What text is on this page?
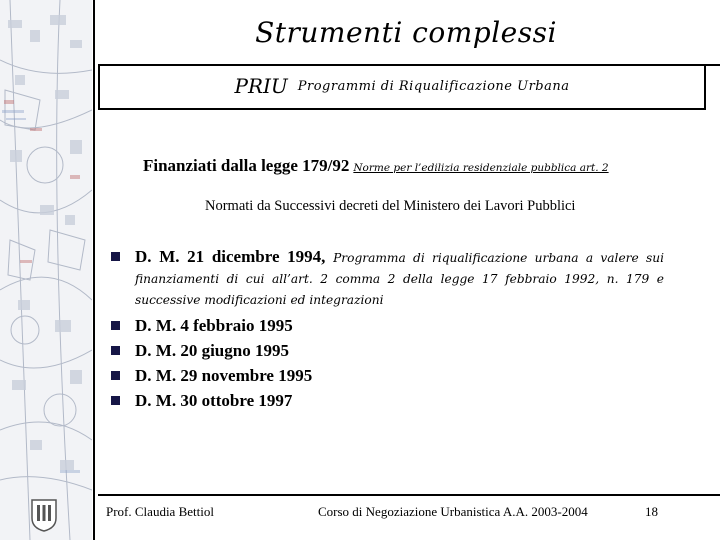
Strumenti complessi
PRIU Programmi di Riqualificazione Urbana
Finanziati dalla legge 179/92 Norme per l’edilizia residenziale pubblica art. 2
Normati da Successivi decreti del Ministero dei Lavori Pubblici
D. M. 21 dicembre 1994, Programma di riqualificazione urbana a valere sui finanziamenti di cui all’art. 2 comma 2 della legge 17 febbraio 1992, n. 179 e successive modificazioni ed integrazioni
D. M. 4 febbraio 1995
D. M. 20 giugno 1995
D. M. 29 novembre 1995
D. M. 30 ottobre 1997
Prof. Claudia Bettiol	Corso di Negoziazione Urbanistica A.A. 2003-2004	18
